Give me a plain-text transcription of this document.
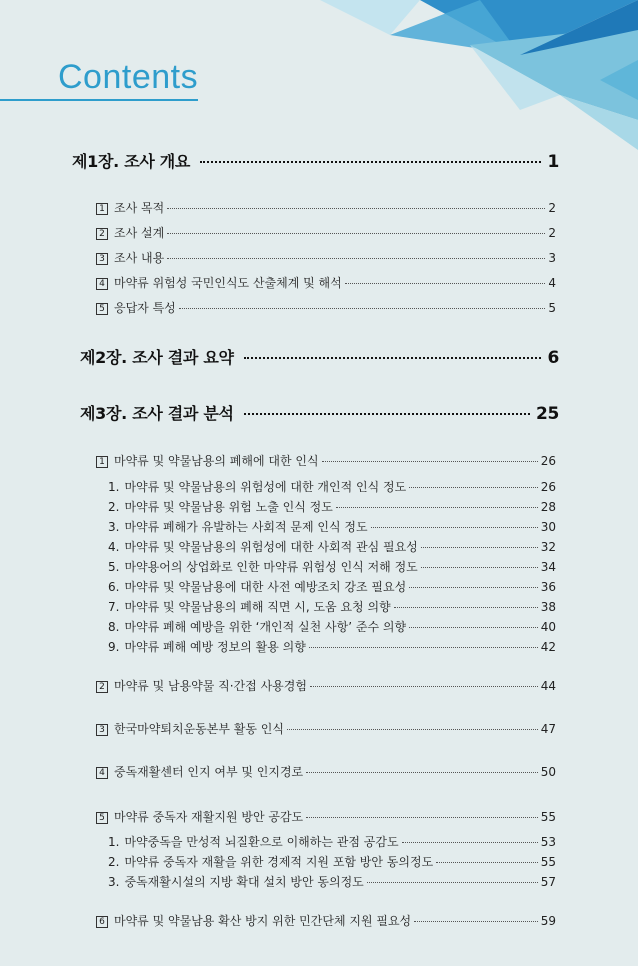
Contents
제1장. 조사 개요	1
1 조사 목적	2
2 조사 설계	2
3 조사 내용	3
4 마약류 위험성 국민인식도 산출체계 및 해석	4
5 응답자 특성	5
제2장. 조사 결과 요약	6
제3장. 조사 결과 분석	25
1 마약류 및 약물남용의 폐해에 대한 인식	26
1. 마약류 및 약물남용의 위험성에 대한 개인적 인식 정도	26
2. 마약류 및 약물남용 위험 노출 인식 정도	28
3. 마약류 폐해가 유발하는 사회적 문제 인식 정도	30
4. 마약류 및 약물남용의 위험성에 대한 사회적 관심 필요성	32
5. 마약용어의 상업화로 인한 마약류 위험성 인식 저해 정도	34
6. 마약류 및 약물남용에 대한 사전 예방조치 강조 필요성	36
7. 마약류 및 약물남용의 폐해 직면 시, 도움 요청 의향	38
8. 마약류 폐해 예방을 위한 ‘개인적 실천 사항’ 준수 의향	40
9. 마약류 폐해 예방 정보의 활용 의향	42
2 마약류 및 남용약물 직·간접 사용경험	44
3 한국마약퇴치운동본부 활동 인식	47
4 중독재활센터 인지 여부 및 인지경로	50
5 마약류 중독자 재활지원 방안 공감도	55
1. 마약중독을 만성적 뇌질환으로 이해하는 관점 공감도	53
2. 마약류 중독자 재활을 위한 경제적 지원 포함 방안 동의정도	55
3. 중독재활시설의 지방 확대 설치 방안 동의정도	57
6 마약류 및 약물남용 확산 방지 위한 민간단체 지원 필요성	59
